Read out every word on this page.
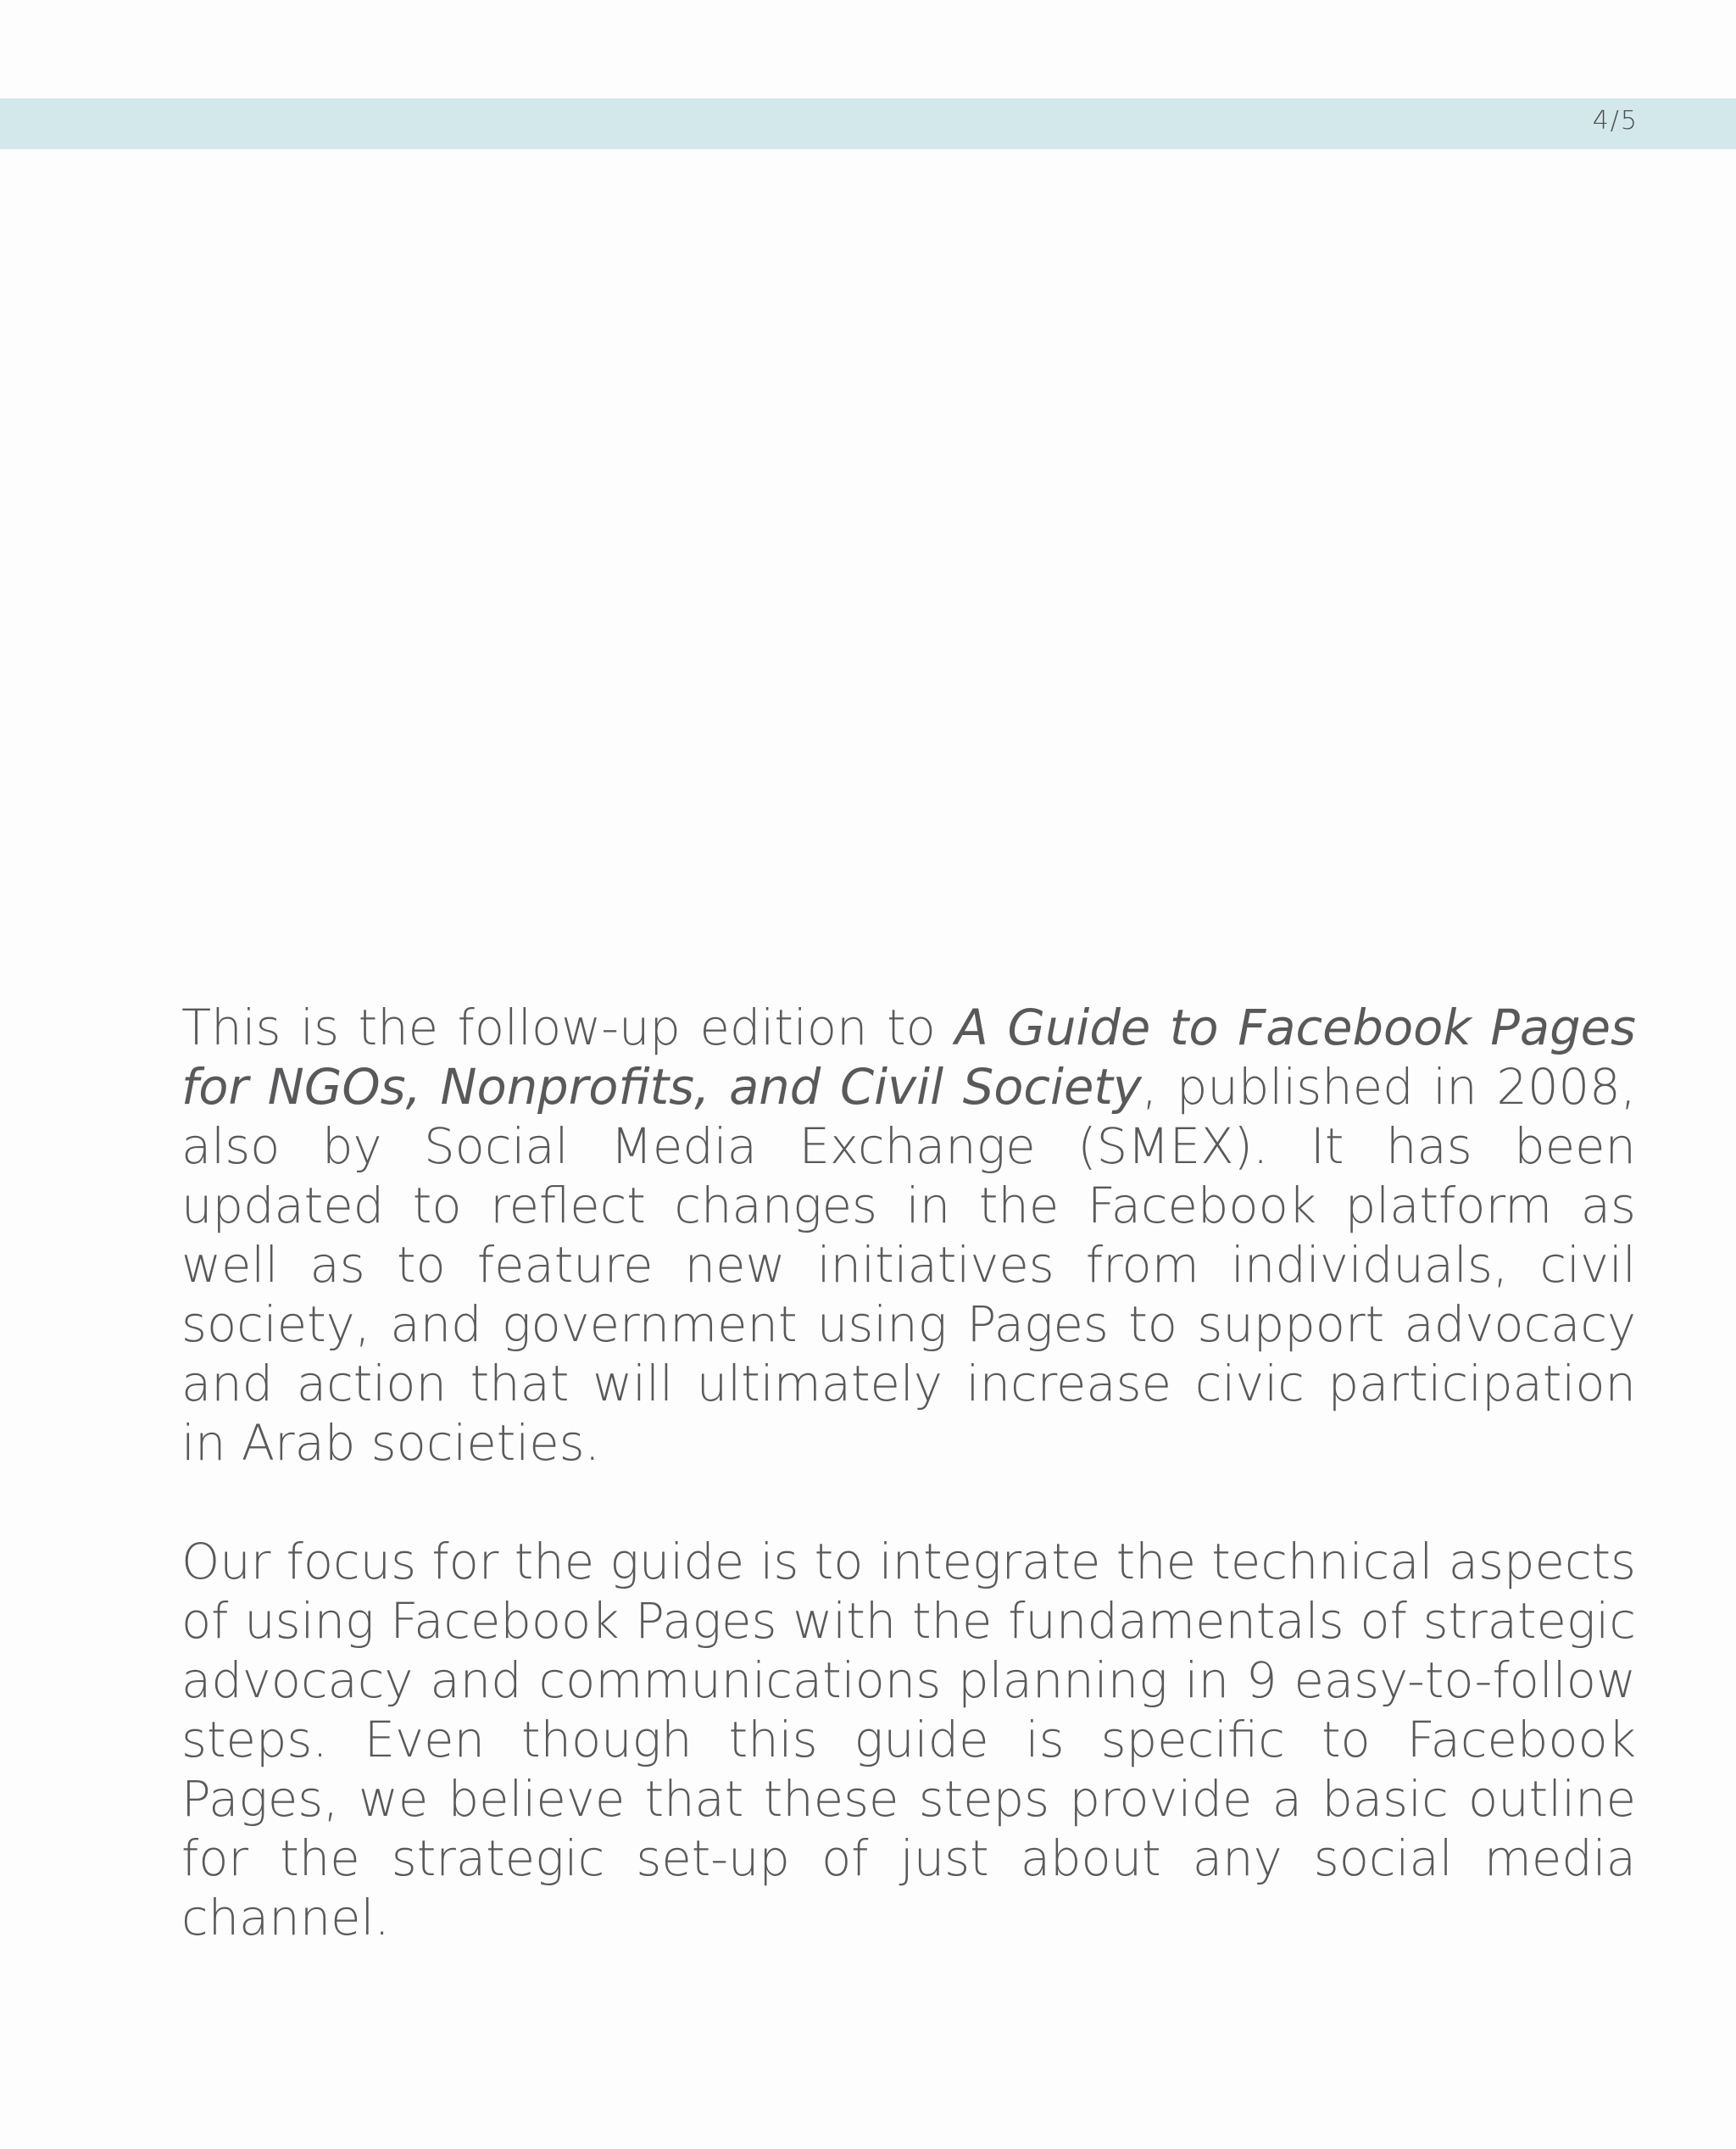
4/5

This is the follow-up edition to A Guide to Facebook Pages for NGOs, Nonprofits, and Civil Society, published in 2008, also by Social Media Exchange (SMEX). It has been updated to reflect changes in the Facebook platform as well as to feature new initiatives from individuals, civil society, and government using Pages to support advocacy and action that will ultimately increase civic participation in Arab societies.

Our focus for the guide is to integrate the technical aspects of using Facebook Pages with the fundamentals of strategic advocacy and communications planning in 9 easy-to-follow steps. Even though this guide is specific to Facebook Pages, we believe that these steps provide a basic outline for the strategic set-up of just about any social media channel.
